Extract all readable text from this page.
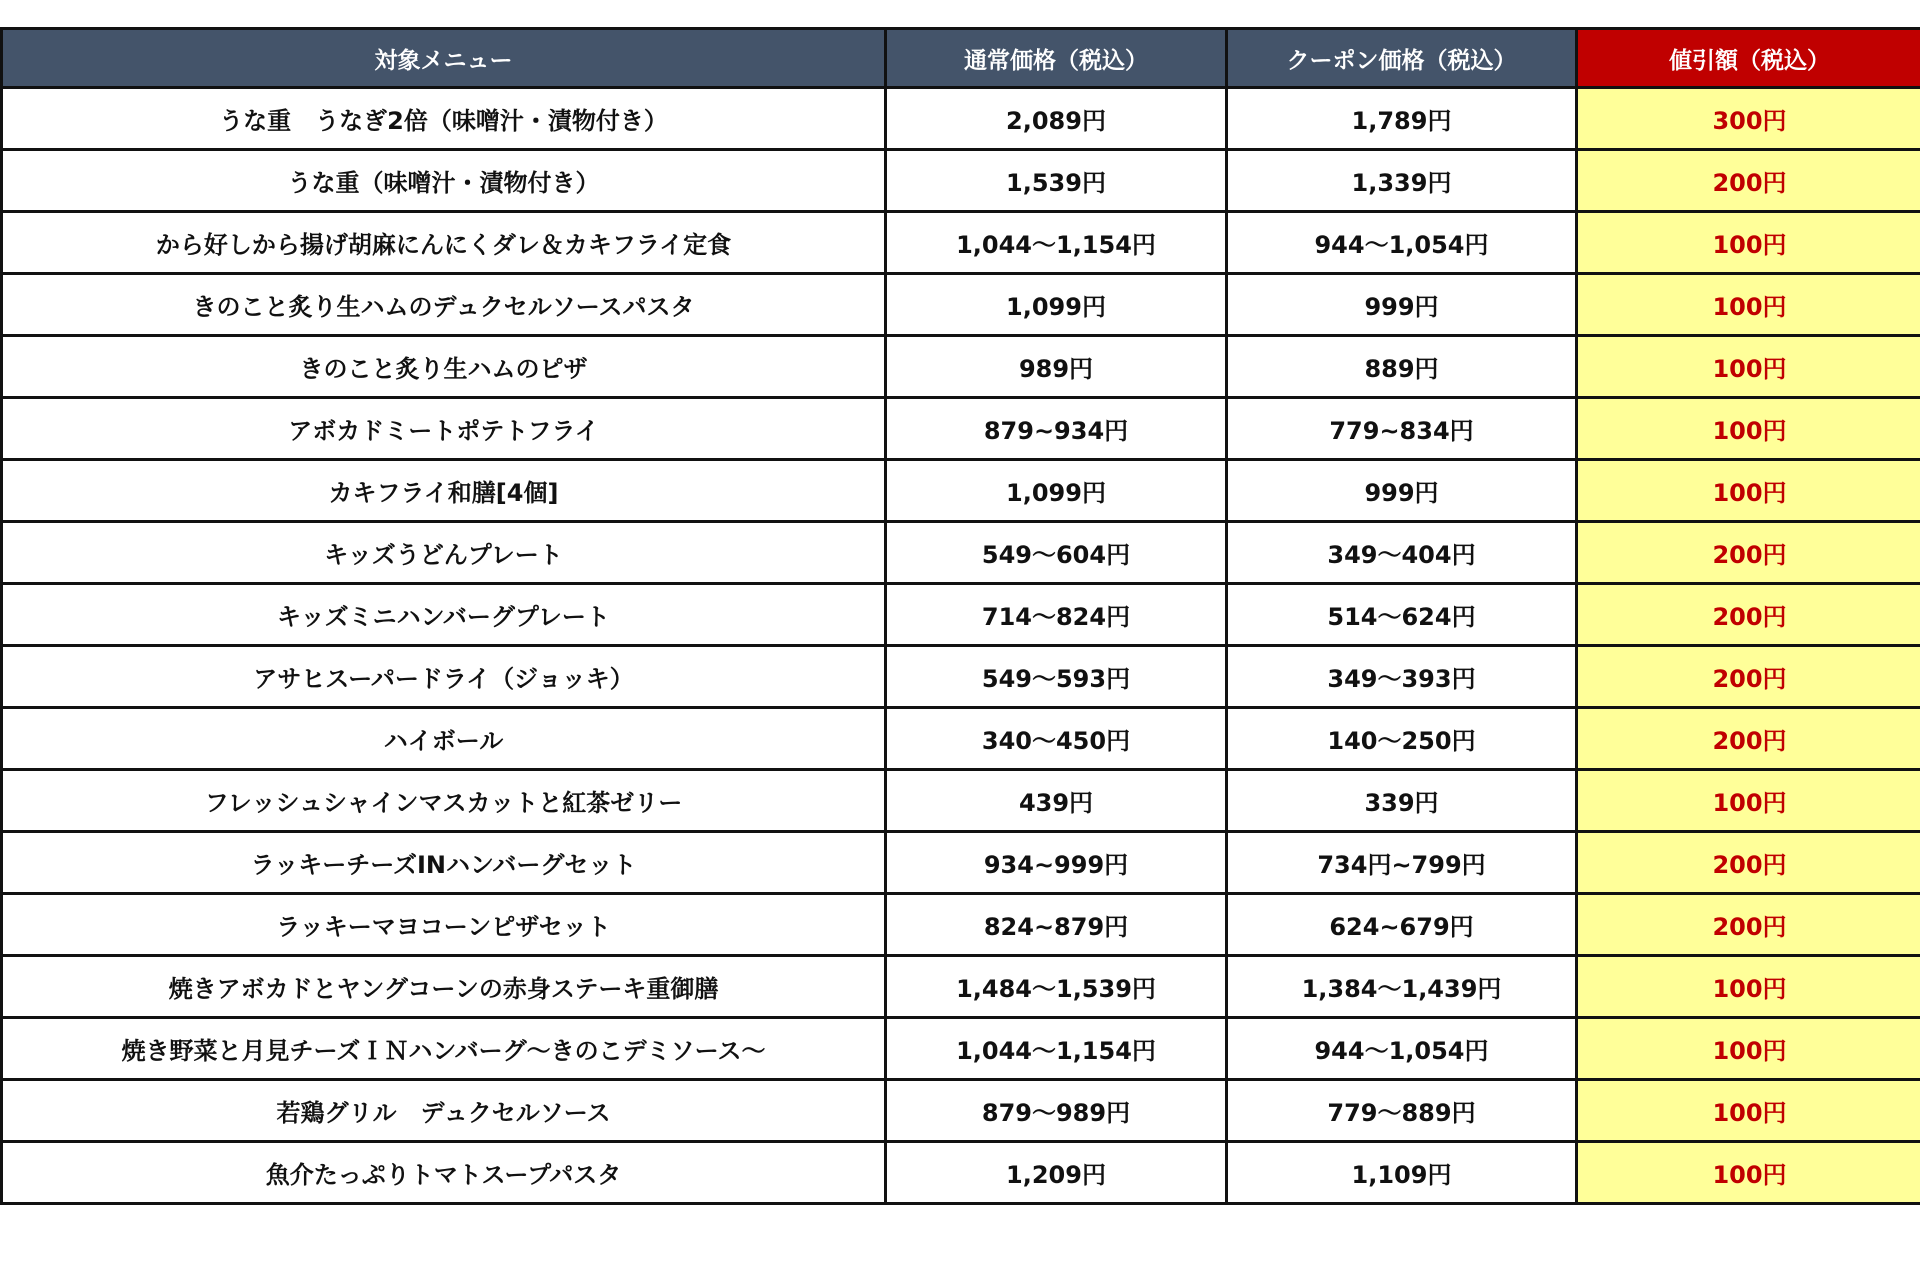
対象メニュー	通常価格（税込）	クーポン価格（税込）	値引額（税込）
うな重　うなぎ2倍（味噌汁・漬物付き）	2,089円	1,789円	300円
うな重（味噌汁・漬物付き）	1,539円	1,339円	200円
から好しから揚げ胡麻にんにくダレ＆カキフライ定食	1,044～1,154円	944～1,054円	100円
きのこと炙り生ハムのデュクセルソースパスタ	1,099円	999円	100円
きのこと炙り生ハムのピザ	989円	889円	100円
アボカドミートポテトフライ	879~934円	779~834円	100円
カキフライ和膳[4個]	1,099円	999円	100円
キッズうどんプレート	549～604円	349～404円	200円
キッズミニハンバーグプレート	714～824円	514～624円	200円
アサヒスーパードライ（ジョッキ）	549～593円	349～393円	200円
ハイボール	340～450円	140～250円	200円
フレッシュシャインマスカットと紅茶ゼリー	439円	339円	100円
ラッキーチーズINハンバーグセット	934~999円	734円~799円	200円
ラッキーマヨコーンピザセット	824~879円	624~679円	200円
焼きアボカドとヤングコーンの赤身ステーキ重御膳	1,484～1,539円	1,384～1,439円	100円
焼き野菜と月見チーズＩＮハンバーグ～きのこデミソース～	1,044～1,154円	944～1,054円	100円
若鶏グリル　デュクセルソース	879～989円	779～889円	100円
魚介たっぷりトマトスープパスタ	1,209円	1,109円	100円
